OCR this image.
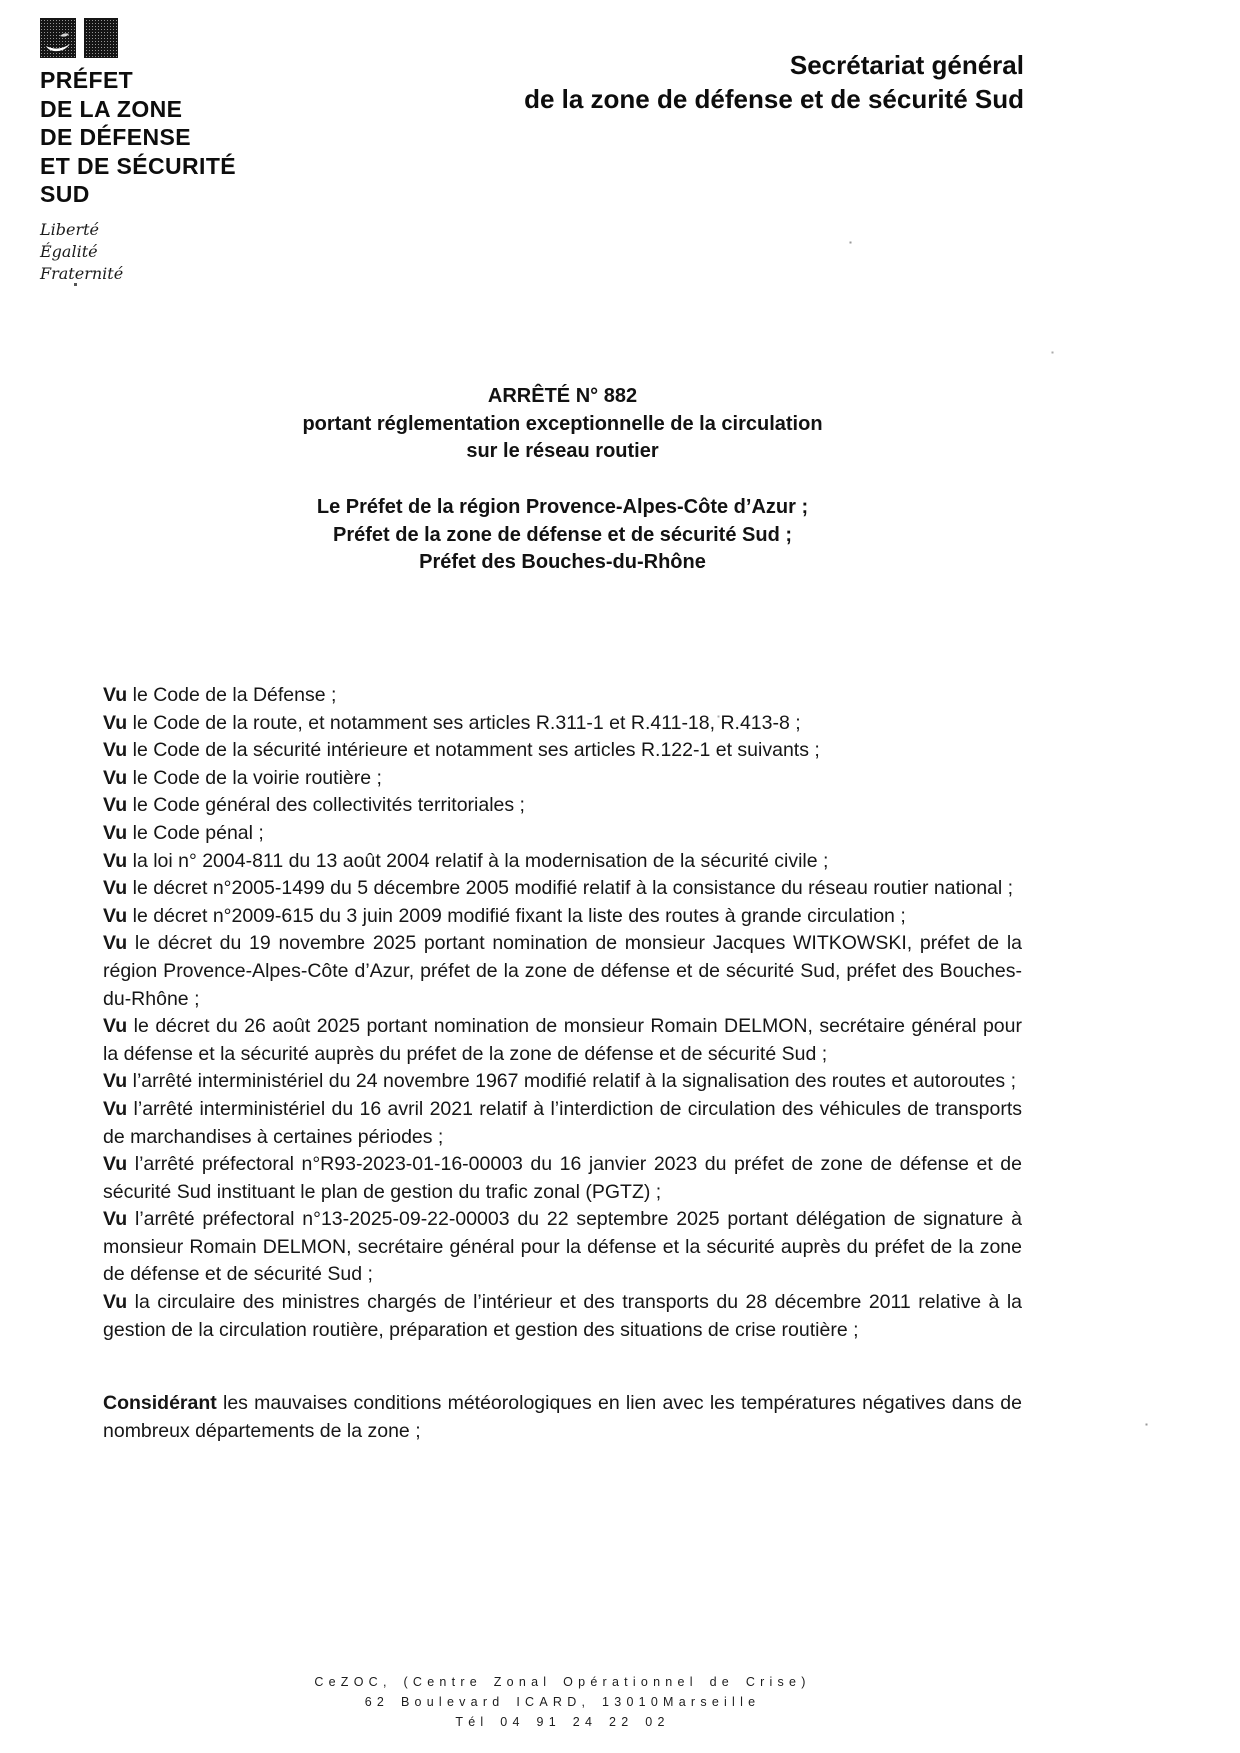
PRÉFET
DE LA ZONE
DE DÉFENSE
ET DE SÉCURITÉ
SUD
Liberté
Égalité
Fraternité
Secrétariat général
de la zone de défense et de sécurité Sud
ARRÊTÉ N° 882
portant réglementation exceptionnelle de la circulation
sur le réseau routier
Le Préfet de la région Provence-Alpes-Côte d’Azur ;
Préfet de la zone de défense et de sécurité Sud ;
Préfet des Bouches-du-Rhône

Vu le Code de la Défense ;

Vu le Code de la route, et notamment ses articles R.311-1 et R.411-18, R.413-8 ;

Vu le Code de la sécurité intérieure et notamment ses articles R.122-1 et suivants ;

Vu le Code de la voirie routière ;

Vu le Code général des collectivités territoriales ;

Vu le Code pénal ;

Vu la loi n° 2004-811 du 13 août 2004 relatif à la modernisation de la sécurité civile ;

Vu le décret n°2005-1499 du 5 décembre 2005 modifié relatif à la consistance du réseau routier national ;

Vu le décret n°2009-615 du 3 juin 2009 modifié fixant la liste des routes à grande circulation ;

Vu le décret du 19 novembre 2025 portant nomination de monsieur Jacques WITKOWSKI, préfet de la région Provence-Alpes-Côte d’Azur, préfet de la zone de défense et de sécurité Sud, préfet des Bouches-du-Rhône ;

Vu le décret du 26 août 2025 portant nomination de monsieur Romain DELMON, secrétaire général pour la défense et la sécurité auprès du préfet de la zone de défense et de sécurité Sud ;

Vu l’arrêté interministériel du 24 novembre 1967 modifié relatif à la signalisation des routes et autoroutes ;

Vu l’arrêté interministériel du 16 avril 2021 relatif à l’interdiction de circulation des véhicules de transports de marchandises à certaines périodes ;

Vu l’arrêté préfectoral n°R93-2023-01-16-00003 du 16 janvier 2023 du préfet de zone de défense et de sécurité Sud instituant le plan de gestion du trafic zonal (PGTZ) ;

Vu l’arrêté préfectoral n°13-2025-09-22-00003 du 22 septembre 2025 portant délégation de signature à monsieur Romain DELMON, secrétaire général pour la défense et la sécurité auprès du préfet de la zone de défense et de sécurité Sud ;

Vu la circulaire des ministres chargés de l’intérieur et des transports du 28 décembre 2011 relative à la gestion de la circulation routière, préparation et gestion des situations de crise routière ;

Considérant les mauvaises conditions météorologiques en lien avec les températures négatives dans de nombreux départements de la zone ;

CeZOC, (Centre Zonal Opérationnel de Crise)
62 Boulevard ICARD, 13010Marseille
Tél 04 91 24 22 02
